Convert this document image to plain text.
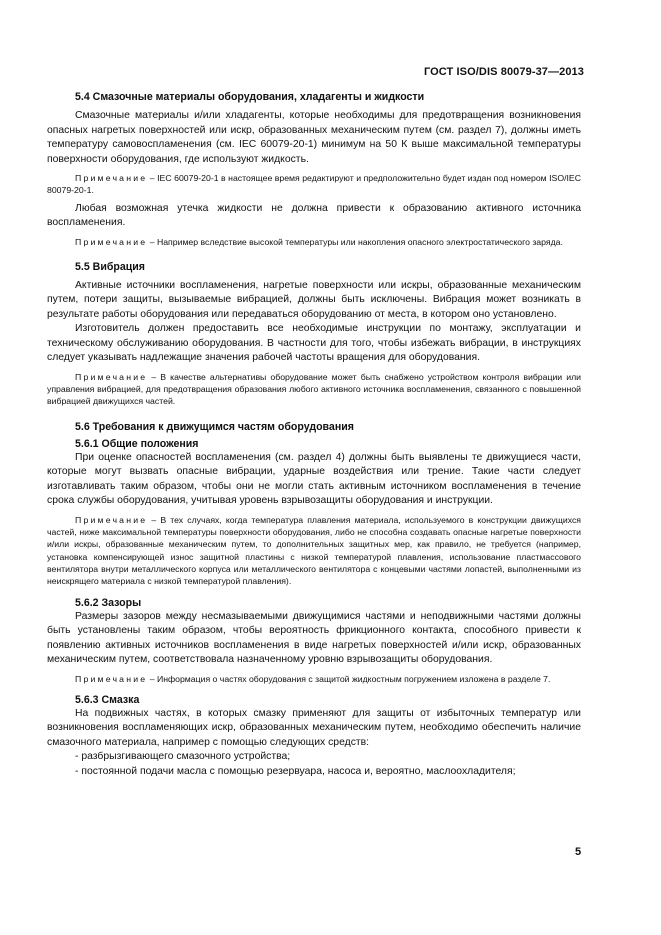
ГОСТ ISO/DIS 80079-37—2013
5.4 Смазочные материалы оборудования, хладагенты и жидкости
Смазочные материалы и/или хладагенты, которые необходимы для предотвращения возникновения опасных нагретых поверхностей или искр, образованных механическим путем (см. раздел 7), должны иметь температуру самовоспламенения (см. IEC 60079-20-1) минимум на 50 К выше максимальной температуры поверхности оборудования, где используют жидкость.
Примечание – IEC 60079-20-1 в настоящее время редактируют и предположительно будет издан под номером ISO/IEC 80079-20-1.
Любая возможная утечка жидкости не должна привести к образованию активного источника воспламенения.
Примечание – Например вследствие высокой температуры или накопления опасного электростатического заряда.
5.5 Вибрация
Активные источники воспламенения, нагретые поверхности или искры, образованные механическим путем, потери защиты, вызываемые вибрацией, должны быть исключены. Вибрация может возникать в результате работы оборудования или передаваться оборудованию от места, в котором оно установлено.
Изготовитель должен предоставить все необходимые инструкции по монтажу, эксплуатации и техническому обслуживанию оборудования. В частности для того, чтобы избежать вибрации, в инструкциях следует указывать надлежащие значения рабочей частоты вращения для оборудования.
Примечание – В качестве альтернативы оборудование может быть снабжено устройством контроля вибрации или управления вибрацией, для предотвращения образования любого активного источника воспламенения, связанного с повышенной вибрацией движущихся частей.
5.6 Требования к движущимся частям оборудования
5.6.1 Общие положения
При оценке опасностей воспламенения (см. раздел 4) должны быть выявлены те движущиеся части, которые могут вызвать опасные вибрации, ударные воздействия или трение. Такие части следует изготавливать таким образом, чтобы они не могли стать активным источником воспламенения в течение срока службы оборудования, учитывая уровень взрывозащиты оборудования и инструкции.
Примечание – В тех случаях, когда температура плавления материала, используемого в конструкции движущихся частей, ниже максимальной температуры поверхности оборудования, либо не способна создавать опасные нагретые поверхности и/или искры, образованные механическим путем, то дополнительных защитных мер, как правило, не требуется (например, установка компенсирующей износ защитной пластины с низкой температурой плавления, использование пластмассового вентилятора внутри металлического корпуса или металлического вентилятора с концевыми частями лопастей, выполненными из неискрящего материала с низкой температурой плавления).
5.6.2 Зазоры
Размеры зазоров между несмазываемыми движущимися частями и неподвижными частями должны быть установлены таким образом, чтобы вероятность фрикционного контакта, способного привести к появлению активных источников воспламенения в виде нагретых поверхностей и/или искр, образованных механическим путем, соответствовала назначенному уровню взрывозащиты оборудования.
Примечание – Информация о частях оборудования с защитой жидкостным погружением изложена в разделе 7.
5.6.3 Смазка
На подвижных частях, в которых смазку применяют для защиты от избыточных температур или возникновения воспламеняющих искр, образованных механическим путем, необходимо обеспечить наличие смазочного материала, например с помощью следующих средств:
- разбрызгивающего смазочного устройства;
- постоянной подачи масла с помощью резервуара, насоса и, вероятно, маслоохладителя;
5
